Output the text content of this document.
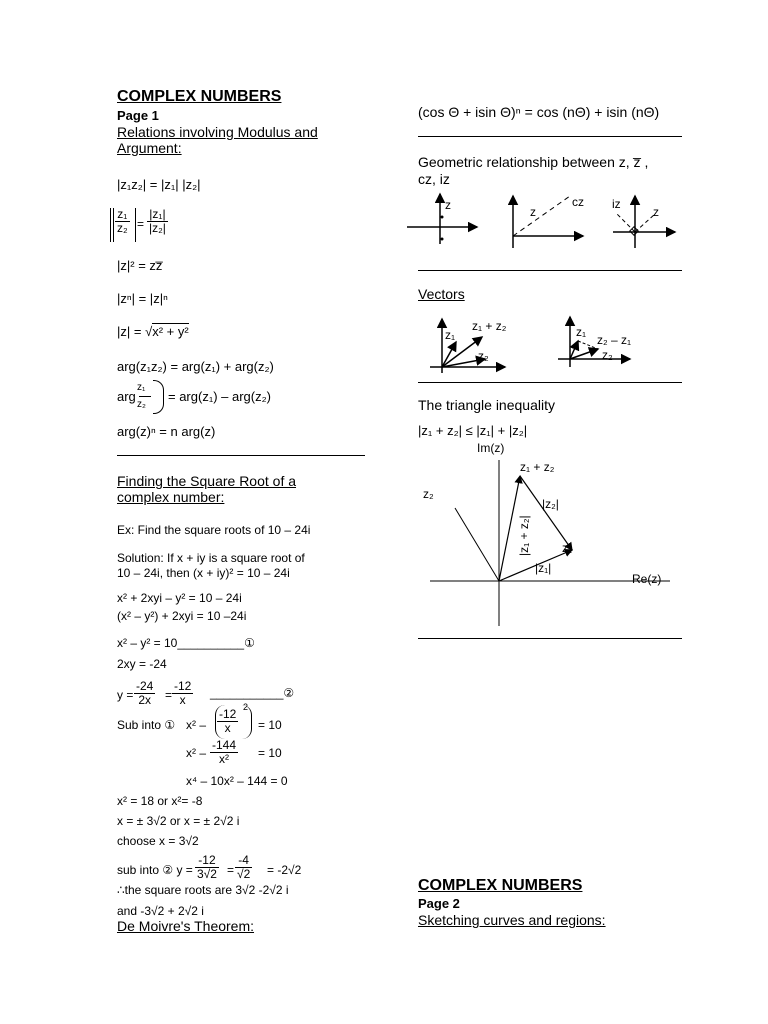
COMPLEX NUMBERS
Page 1
Relations involving Modulus and
Argument:
|z₁z₂| = |z₁| |z₂|
$\frac{\text{z₁}}{\text{z₂}} = \frac{\text{|z₁|}}{\text{|z₂|}}$
|z|² = zz̅
|zⁿ| = |z|ⁿ
|z| = √x² + y²
arg(z₁z₂) = arg(z₁) + arg(z₂)
arg
z₁
z₂
= arg(z₁) – arg(z₂)
arg(z)ⁿ = n arg(z)
Finding the Square Root of a
complex number:
Ex: Find the square roots of 10 – 24i
Solution: If x + iy is a square root of
10 – 24i, then (x + iy)² = 10 – 24i
x² + 2xyi – y² = 10 – 24i
(x² – y²) + 2xyi = 10 –24i
x² – y² = 10__________①
2xy = -24
$y = \frac{-24}{2x} = \frac{-12}{x}$ ___________②
Sub into ① $x^2 - \frac{-12}{x}$
2
= 10
$x^2 - \frac{-144}{\text{x²}} = 10$
x⁴ – 10x² – 144 = 0
x² = 18 or x²= -8
x = ± 3√2 or x = ± 2√2 i
choose x = 3√2
sub into ② $y = \frac{-12}{3√2} = \frac{-4}{√2} = -2√2$
∴the square roots are 3√2 -2√2 i
and -3√2 + 2√2 i
De Moivre's Theorem:
(cos Θ + isin Θ)ⁿ = cos (nΘ) + isin (nΘ)
Geometric relationship between z, z̅ ,
cz, iz
z	z
cz iz
z
Vectors
z₁
z₁ + z₂
z₂
z₁
z₂ – z₁
z₂
The triangle inequality
|z₁ + z₂| ≤ |z₁| + |z₂|
Im(z)
Re(z)
z₁ + z₂
z₂
|z₂|
|z₁ + z₂|	z₁
|z₁|
COMPLEX NUMBERS
Page 2
Sketching curves and regions:
